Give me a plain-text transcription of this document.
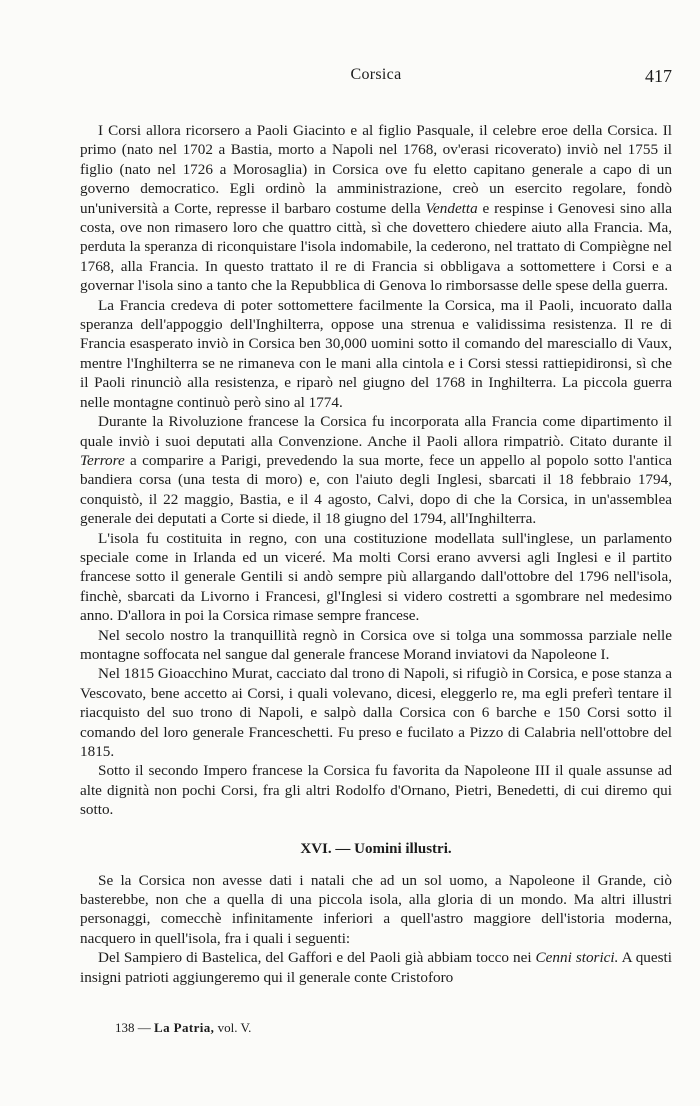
Corsica	417

I Corsi allora ricorsero a Paoli Giacinto e al figlio Pasquale, il celebre eroe della Corsica. Il primo (nato nel 1702 a Bastia, morto a Napoli nel 1768, ov'erasi ricoverato) inviò nel 1755 il figlio (nato nel 1726 a Morosaglia) in Corsica ove fu eletto capitano generale a capo di un governo democratico. Egli ordinò la amministrazione, creò un esercito regolare, fondò un'università a Corte, represse il barbaro costume della Vendetta e respinse i Genovesi sino alla costa, ove non rimasero loro che quattro città, sì che dovettero chiedere aiuto alla Francia. Ma, perduta la speranza di riconquistare l'isola indomabile, la cederono, nel trattato di Compiègne nel 1768, alla Francia. In questo trattato il re di Francia si obbligava a sottomettere i Corsi e a governar l'isola sino a tanto che la Repubblica di Genova lo rimborsasse delle spese della guerra.

La Francia credeva di poter sottomettere facilmente la Corsica, ma il Paoli, incuorato dalla speranza dell'appoggio dell'Inghilterra, oppose una strenua e validissima resistenza. Il re di Francia esasperato inviò in Corsica ben 30,000 uomini sotto il comando del maresciallo di Vaux, mentre l'Inghilterra se ne rimaneva con le mani alla cintola e i Corsi stessi rattiepidironsi, sì che il Paoli rinunciò alla resistenza, e riparò nel giugno del 1768 in Inghilterra. La piccola guerra nelle montagne continuò però sino al 1774.

Durante la Rivoluzione francese la Corsica fu incorporata alla Francia come dipartimento il quale inviò i suoi deputati alla Convenzione. Anche il Paoli allora rimpatriò. Citato durante il Terrore a comparire a Parigi, prevedendo la sua morte, fece un appello al popolo sotto l'antica bandiera corsa (una testa di moro) e, con l'aiuto degli Inglesi, sbarcati il 18 febbraio 1794, conquistò, il 22 maggio, Bastia, e il 4 agosto, Calvi, dopo di che la Corsica, in un'assemblea generale dei deputati a Corte si diede, il 18 giugno del 1794, all'Inghilterra.

L'isola fu costituita in regno, con una costituzione modellata sull'inglese, un parlamento speciale come in Irlanda ed un viceré. Ma molti Corsi erano avversi agli Inglesi e il partito francese sotto il generale Gentili si andò sempre più allargando dall'ottobre del 1796 nell'isola, finchè, sbarcati da Livorno i Francesi, gl'Inglesi si videro costretti a sgombrare nel medesimo anno. D'allora in poi la Corsica rimase sempre francese.

Nel secolo nostro la tranquillità regnò in Corsica ove si tolga una sommossa parziale nelle montagne soffocata nel sangue dal generale francese Morand inviatovi da Napoleone I.

Nel 1815 Gioacchino Murat, cacciato dal trono di Napoli, si rifugiò in Corsica, e pose stanza a Vescovato, bene accetto ai Corsi, i quali volevano, dicesi, eleggerlo re, ma egli preferì tentare il riacquisto del suo trono di Napoli, e salpò dalla Corsica con 6 barche e 150 Corsi sotto il comando del loro generale Franceschetti. Fu preso e fucilato a Pizzo di Calabria nell'ottobre del 1815.

Sotto il secondo Impero francese la Corsica fu favorita da Napoleone III il quale assunse ad alte dignità non pochi Corsi, fra gli altri Rodolfo d'Ornano, Pietri, Benedetti, di cui diremo qui sotto.

XVI. — Uomini illustri.

Se la Corsica non avesse dati i natali che ad un sol uomo, a Napoleone il Grande, ciò basterebbe, non che a quella di una piccola isola, alla gloria di un mondo. Ma altri illustri personaggi, comecchè infinitamente inferiori a quell'astro maggiore dell'istoria moderna, nacquero in quell'isola, fra i quali i seguenti:

Del Sampiero di Bastelica, del Gaffori e del Paoli già abbiam tocco nei Cenni storici. A questi insigni patrioti aggiungeremo qui il generale conte Cristoforo

138 — La Patria, vol. V.
